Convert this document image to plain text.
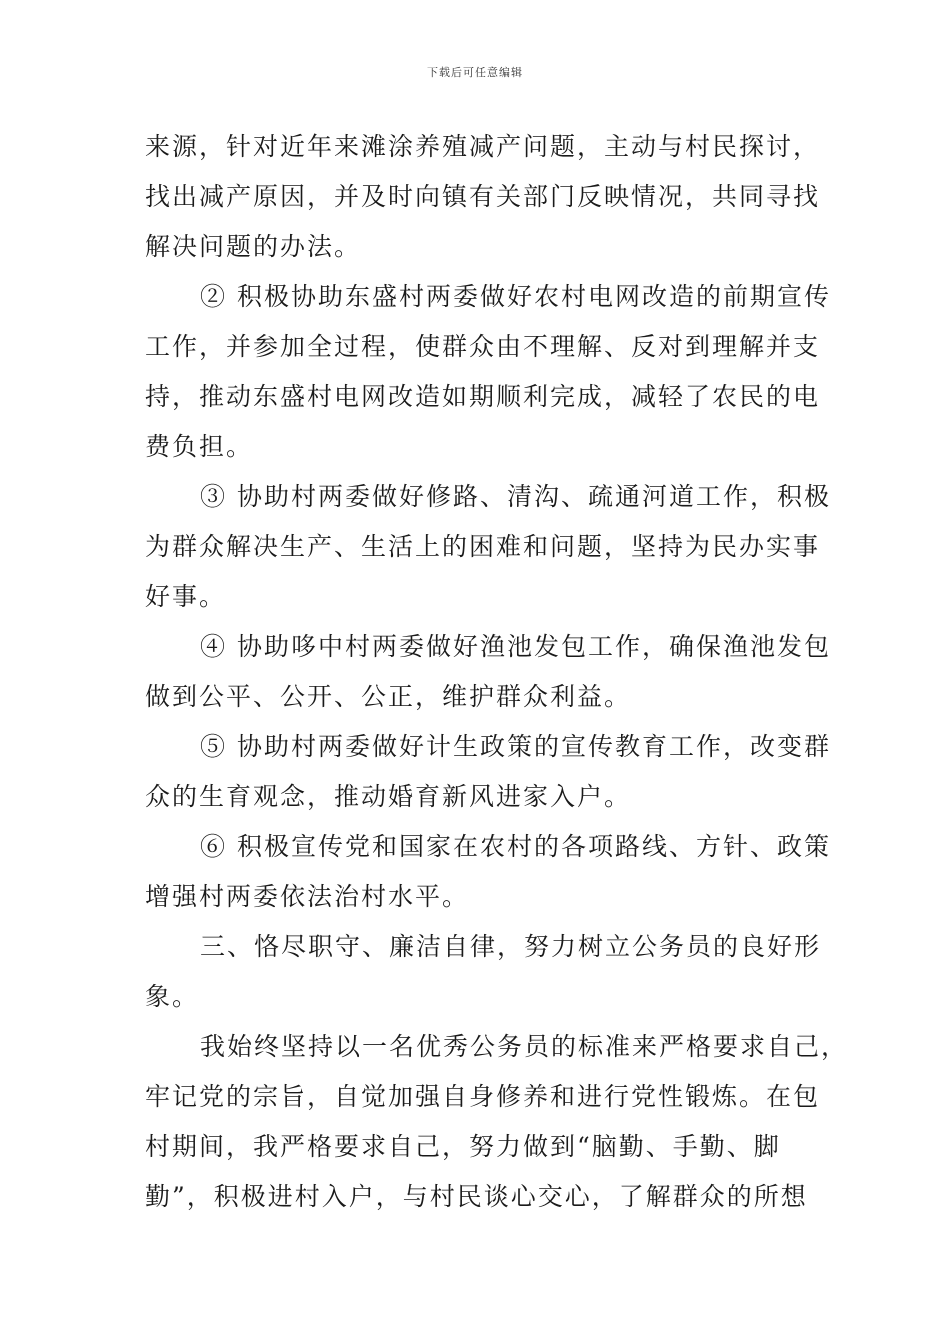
下载后可任意编辑
来源，针对近年来滩涂养殖减产问题，主动与村民探讨，
找出减产原因，并及时向镇有关部门反映情况，共同寻找
解决问题的办法。
② 积极协助东盛村两委做好农村电网改造的前期宣传
工作，并参加全过程，使群众由不理解、反对到理解并支
持，推动东盛村电网改造如期顺利完成，减轻了农民的电
费负担。
③ 协助村两委做好修路、清沟、疏通河道工作，积极
为群众解决生产、生活上的困难和问题，坚持为民办实事
好事。
④ 协助哆中村两委做好渔池发包工作，确保渔池发包
做到公平、公开、公正，维护群众利益。
⑤ 协助村两委做好计生政策的宣传教育工作，改变群
众的生育观念，推动婚育新风进家入户。
⑥ 积极宣传党和国家在农村的各项路线、方针、政策
增强村两委依法治村水平。
三、恪尽职守、廉洁自律，努力树立公务员的良好形
象。
我始终坚持以一名优秀公务员的标准来严格要求自己，
牢记党的宗旨，自觉加强自身修养和进行党性锻炼。在包
村期间，我严格要求自己，努力做到“脑勤、手勤、脚
勤”，积极进村入户，与村民谈心交心，了解群众的所想
